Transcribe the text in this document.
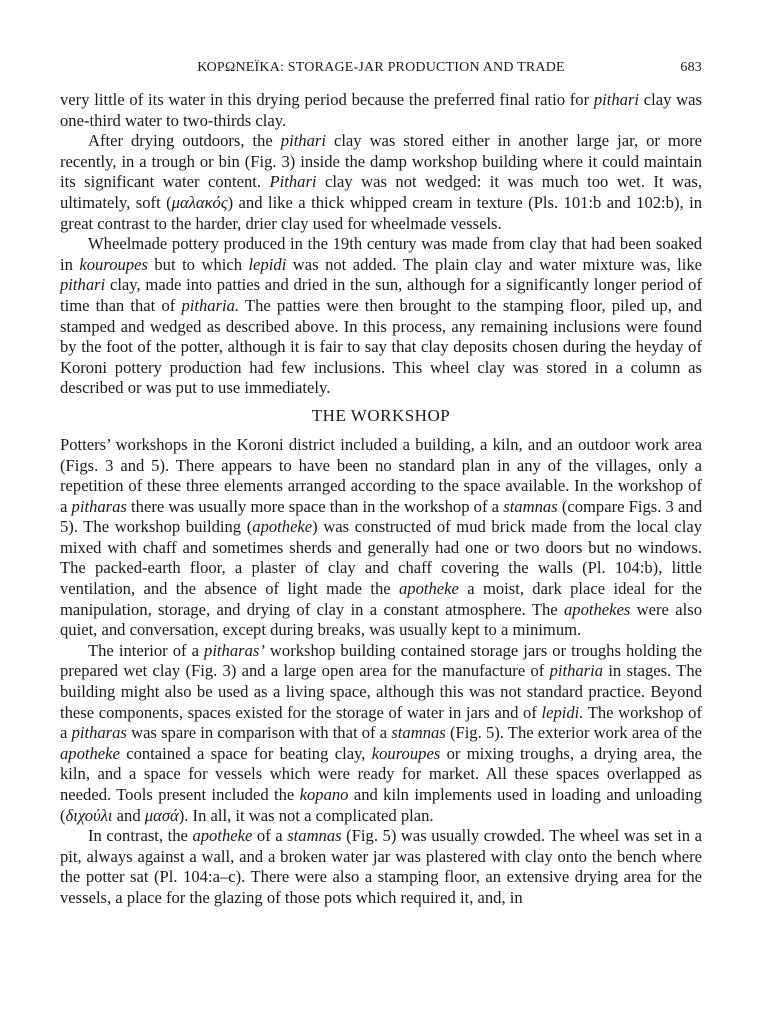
ΚΟΡΩΝΕΪΚΑ: STORAGE-JAR PRODUCTION AND TRADE	683

very little of its water in this drying period because the preferred final ratio for pithari clay was one-third water to two-thirds clay.

After drying outdoors, the pithari clay was stored either in another large jar, or more recently, in a trough or bin (Fig. 3) inside the damp workshop building where it could maintain its significant water content. Pithari clay was not wedged: it was much too wet. It was, ultimately, soft (μαλακός) and like a thick whipped cream in texture (Pls. 101:b and 102:b), in great contrast to the harder, drier clay used for wheelmade vessels.

Wheelmade pottery produced in the 19th century was made from clay that had been soaked in kouroupes but to which lepidi was not added. The plain clay and water mixture was, like pithari clay, made into patties and dried in the sun, although for a significantly longer period of time than that of pitharia. The patties were then brought to the stamping floor, piled up, and stamped and wedged as described above. In this process, any remaining inclusions were found by the foot of the potter, although it is fair to say that clay deposits chosen during the heyday of Koroni pottery production had few inclusions. This wheel clay was stored in a column as described or was put to use immediately.

THE WORKSHOP

Potters’ workshops in the Koroni district included a building, a kiln, and an outdoor work area (Figs. 3 and 5). There appears to have been no standard plan in any of the villages, only a repetition of these three elements arranged according to the space available. In the workshop of a pitharas there was usually more space than in the workshop of a stamnas (compare Figs. 3 and 5). The workshop building (apotheke) was constructed of mud brick made from the local clay mixed with chaff and sometimes sherds and generally had one or two doors but no windows. The packed-earth floor, a plaster of clay and chaff covering the walls (Pl. 104:b), little ventilation, and the absence of light made the apotheke a moist, dark place ideal for the manipulation, storage, and drying of clay in a constant atmosphere. The apothekes were also quiet, and conversation, except during breaks, was usually kept to a minimum.

The interior of a pitharas’ workshop building contained storage jars or troughs holding the prepared wet clay (Fig. 3) and a large open area for the manufacture of pitharia in stages. The building might also be used as a living space, although this was not standard practice. Beyond these components, spaces existed for the storage of water in jars and of lepidi. The workshop of a pitharas was spare in comparison with that of a stamnas (Fig. 5). The exterior work area of the apotheke contained a space for beating clay, kouroupes or mixing troughs, a drying area, the kiln, and a space for vessels which were ready for market. All these spaces overlapped as needed. Tools present included the kopano and kiln implements used in loading and unloading (διχούλι and μασά). In all, it was not a complicated plan.

In contrast, the apotheke of a stamnas (Fig. 5) was usually crowded. The wheel was set in a pit, always against a wall, and a broken water jar was plastered with clay onto the bench where the potter sat (Pl. 104:a–c). There were also a stamping floor, an extensive drying area for the vessels, a place for the glazing of those pots which required it, and, in
